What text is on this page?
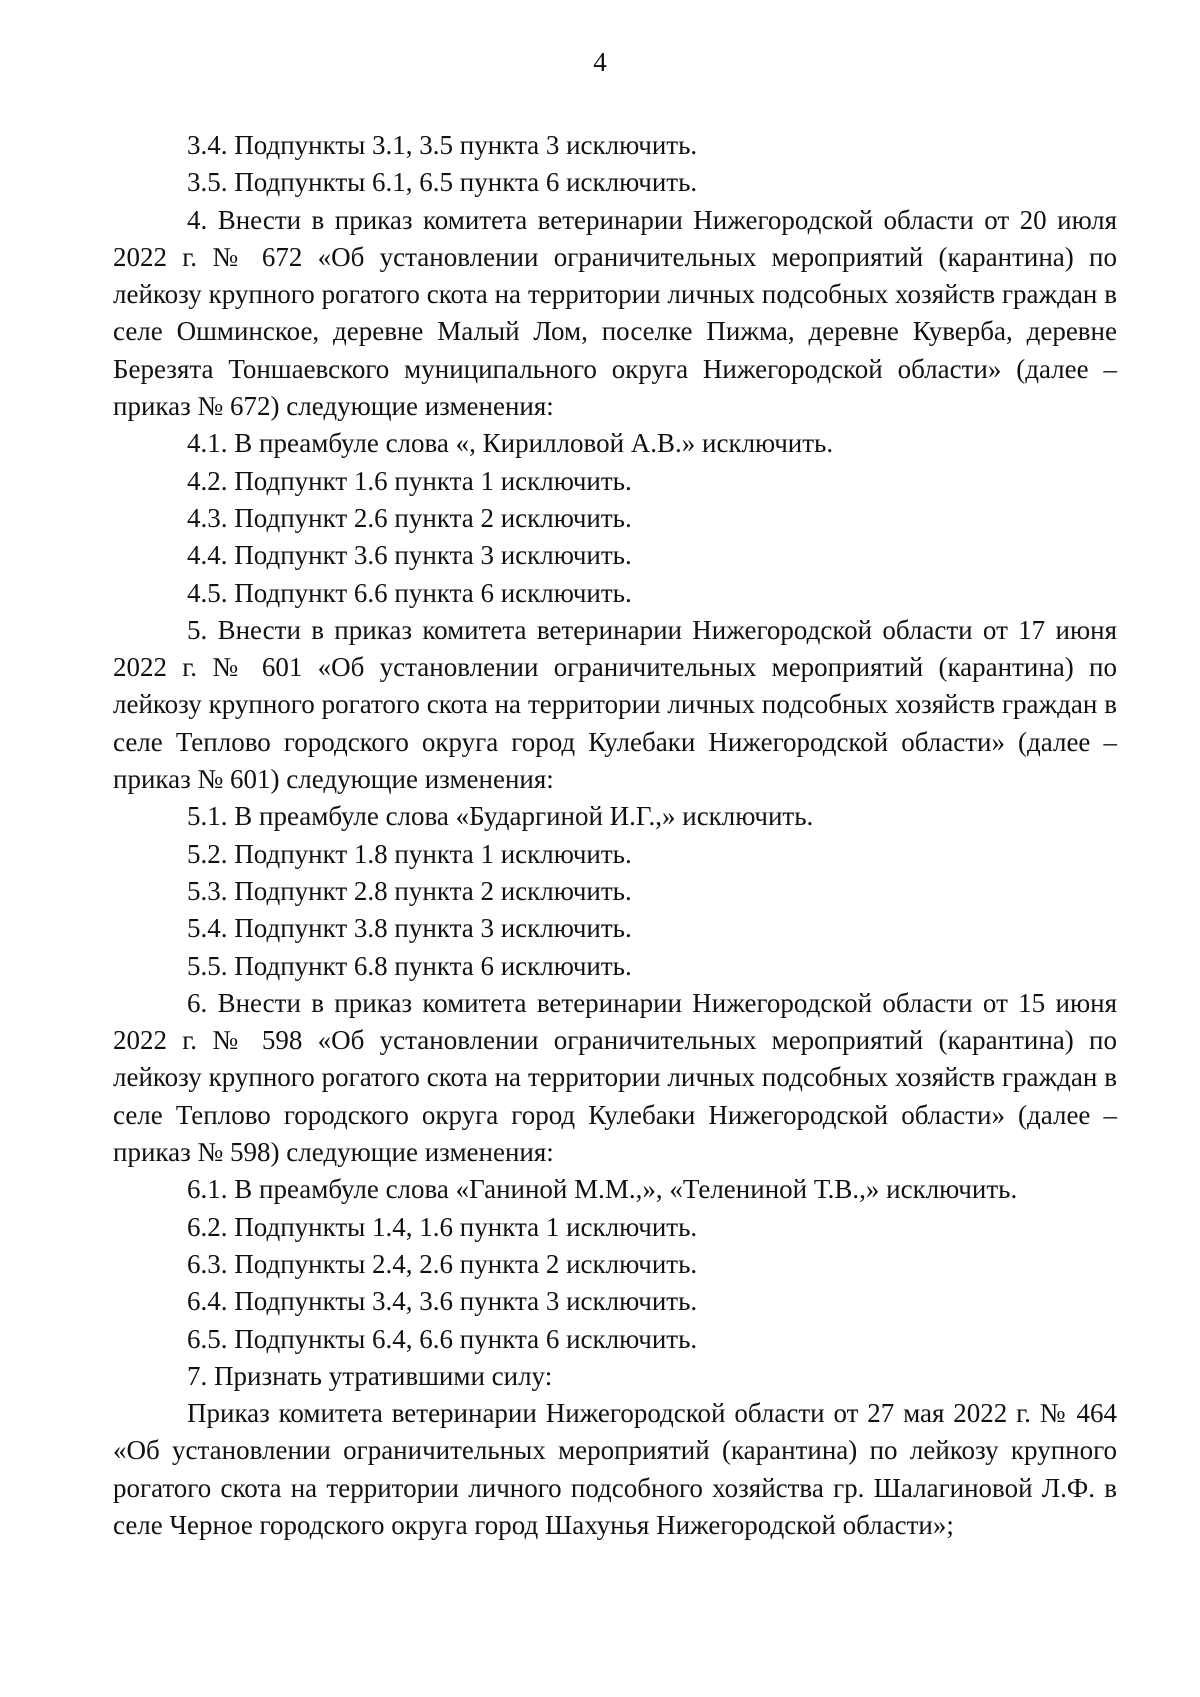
4

3.4. Подпункты 3.1, 3.5 пункта 3 исключить.

3.5. Подпункты 6.1, 6.5 пункта 6 исключить.

4. Внести в приказ комитета ветеринарии Нижегородской области от 20 июля 2022 г. № 672 «Об установлении ограничительных мероприятий (карантина) по лейкозу крупного рогатого скота на территории личных подсобных хозяйств граждан в селе Ошминское, деревне Малый Лом, поселке Пижма, деревне Куверба, деревне Березята Тоншаевского муниципального округа Нижегородской области» (далее – приказ № 672) следующие изменения:

4.1. В преамбуле слова «, Кирилловой А.В.» исключить.

4.2. Подпункт 1.6 пункта 1 исключить.

4.3. Подпункт 2.6 пункта 2 исключить.

4.4. Подпункт 3.6 пункта 3 исключить.

4.5. Подпункт 6.6 пункта 6 исключить.

5. Внести в приказ комитета ветеринарии Нижегородской области от 17 июня 2022 г. № 601 «Об установлении ограничительных мероприятий (карантина) по лейкозу крупного рогатого скота на территории личных подсобных хозяйств граждан в селе Теплово городского округа город Кулебаки Нижегородской области» (далее – приказ № 601) следующие изменения:

5.1. В преамбуле слова «Бударгиной И.Г.,» исключить.

5.2. Подпункт 1.8 пункта 1 исключить.

5.3. Подпункт 2.8 пункта 2 исключить.

5.4. Подпункт 3.8 пункта 3 исключить.

5.5. Подпункт 6.8 пункта 6 исключить.

6. Внести в приказ комитета ветеринарии Нижегородской области от 15 июня 2022 г. № 598 «Об установлении ограничительных мероприятий (карантина) по лейкозу крупного рогатого скота на территории личных подсобных хозяйств граждан в селе Теплово городского округа город Кулебаки Нижегородской области» (далее – приказ № 598) следующие изменения:

6.1. В преамбуле слова «Ганиной М.М.,», «Телениной Т.В.,» исключить.

6.2. Подпункты 1.4, 1.6 пункта 1 исключить.

6.3. Подпункты 2.4, 2.6 пункта 2 исключить.

6.4. Подпункты 3.4, 3.6 пункта 3 исключить.

6.5. Подпункты 6.4, 6.6 пункта 6 исключить.

7. Признать утратившими силу:

Приказ комитета ветеринарии Нижегородской области от 27 мая 2022 г. № 464 «Об установлении ограничительных мероприятий (карантина) по лейкозу крупного рогатого скота на территории личного подсобного хозяйства гр. Шалагиновой Л.Ф. в селе Черное городского округа город Шахунья Нижегородской области»;
